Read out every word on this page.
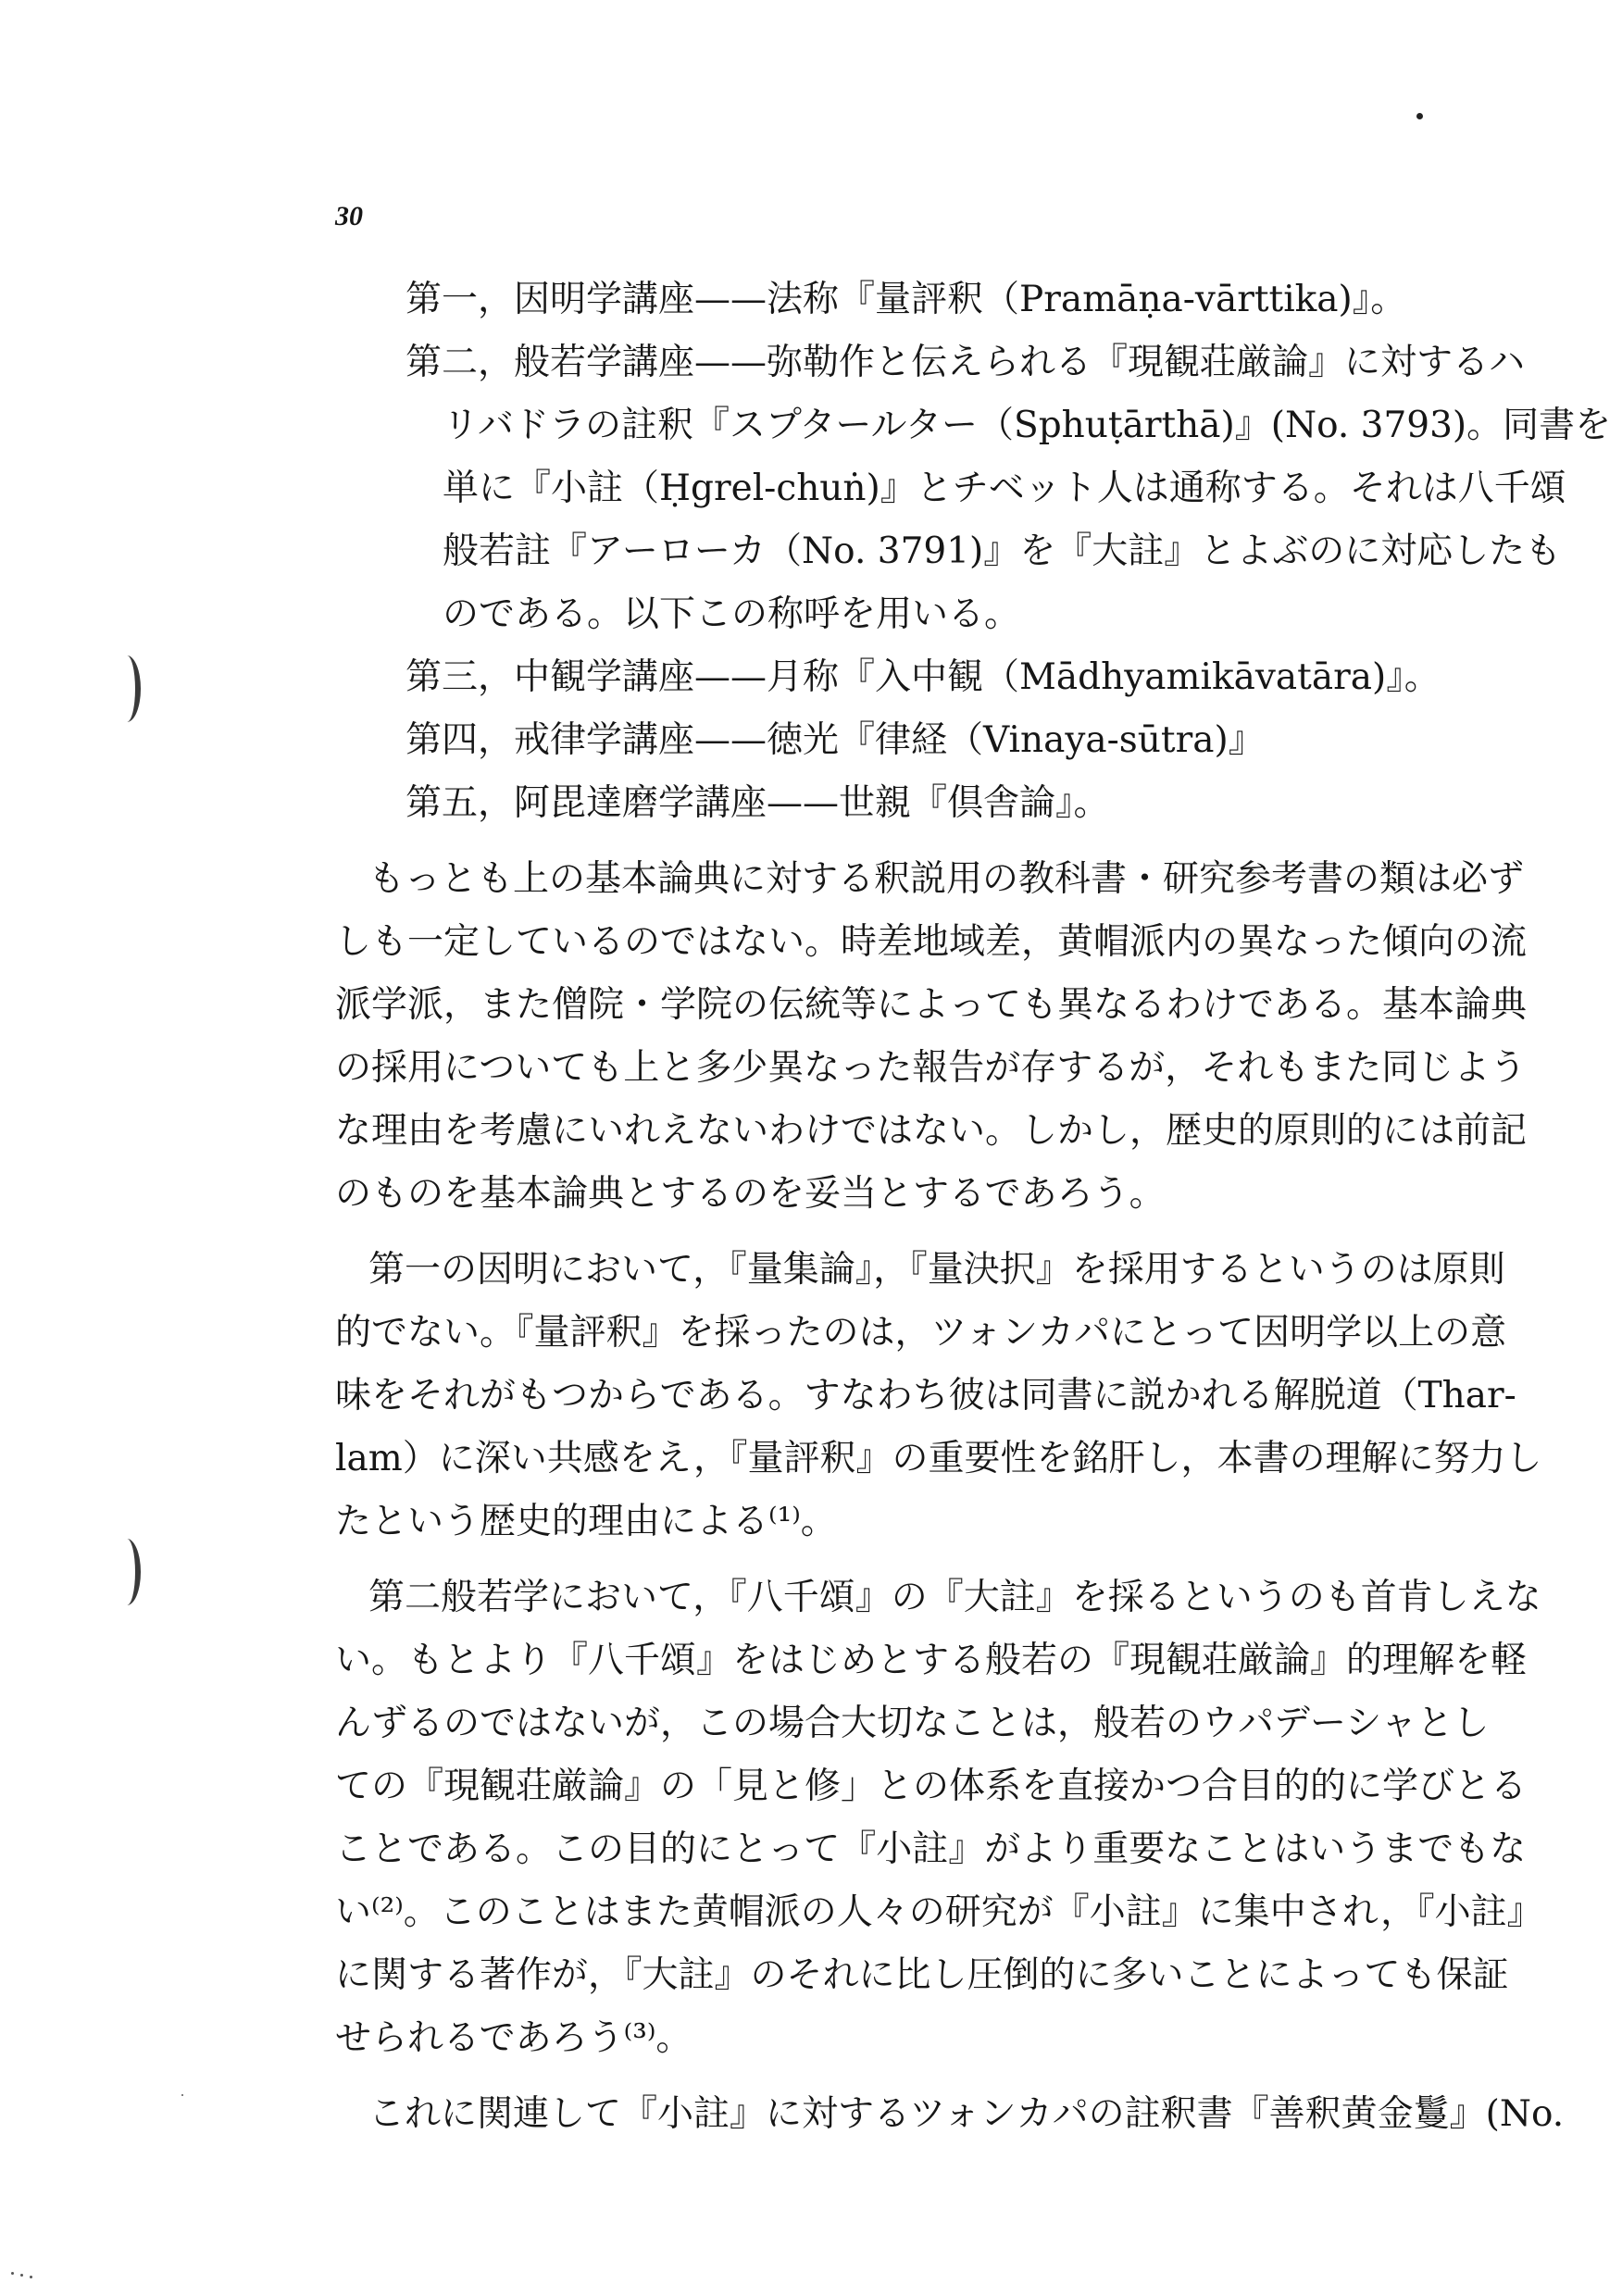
30
第一，因明学講座——法称『量評釈（Pramāṇa-vārttika)』。
第二，般若学講座——弥勒作と伝えられる『現観荘厳論』に対するハ
リバドラの註釈『スプタールター（Sphuṭārthā)』(No. 3793)。同書を
単に『小註（Ḥgrel-chuṅ)』とチベット人は通称する。それは八千頌
般若註『アーローカ（No. 3791)』を『大註』とよぶのに対応したも
のである。以下この称呼を用いる。
第三，中観学講座——月称『入中観（Mādhyamikāvatāra)』。
第四，戒律学講座——徳光『律経（Vinaya-sūtra)』
第五，阿毘達磨学講座——世親『倶舎論』。
もっとも上の基本論典に対する釈説用の教科書・研究参考書の類は必ず
しも一定しているのではない。時差地域差，黄帽派内の異なった傾向の流
派学派，また僧院・学院の伝統等によっても異なるわけである。基本論典
の採用についても上と多少異なった報告が存するが，それもまた同じよう
な理由を考慮にいれえないわけではない。しかし，歴史的原則的には前記
のものを基本論典とするのを妥当とするであろう。
第一の因明において，『量集論』，『量決択』を採用するというのは原則
的でない。『量評釈』を採ったのは，ツォンカパにとって因明学以上の意
味をそれがもつからである。すなわち彼は同書に説かれる解脱道（Thar-
lam）に深い共感をえ，『量評釈』の重要性を銘肝し，本書の理解に努力し
たという歴史的理由による⁽¹⁾。
第二般若学において，『八千頌』の『大註』を採るというのも首肯しえな
い。もとより『八千頌』をはじめとする般若の『現観荘厳論』的理解を軽
んずるのではないが，この場合大切なことは，般若のウパデーシャとし
ての『現観荘厳論』の「見と修」との体系を直接かつ合目的的に学びとる
ことである。この目的にとって『小註』がより重要なことはいうまでもな
い⁽²⁾。このことはまた黄帽派の人々の研究が『小註』に集中され，『小註』
に関する著作が，『大註』のそれに比し圧倒的に多いことによっても保証
せられるであろう⁽³⁾。
これに関連して『小註』に対するツォンカパの註釈書『善釈黄金鬘』(No.
